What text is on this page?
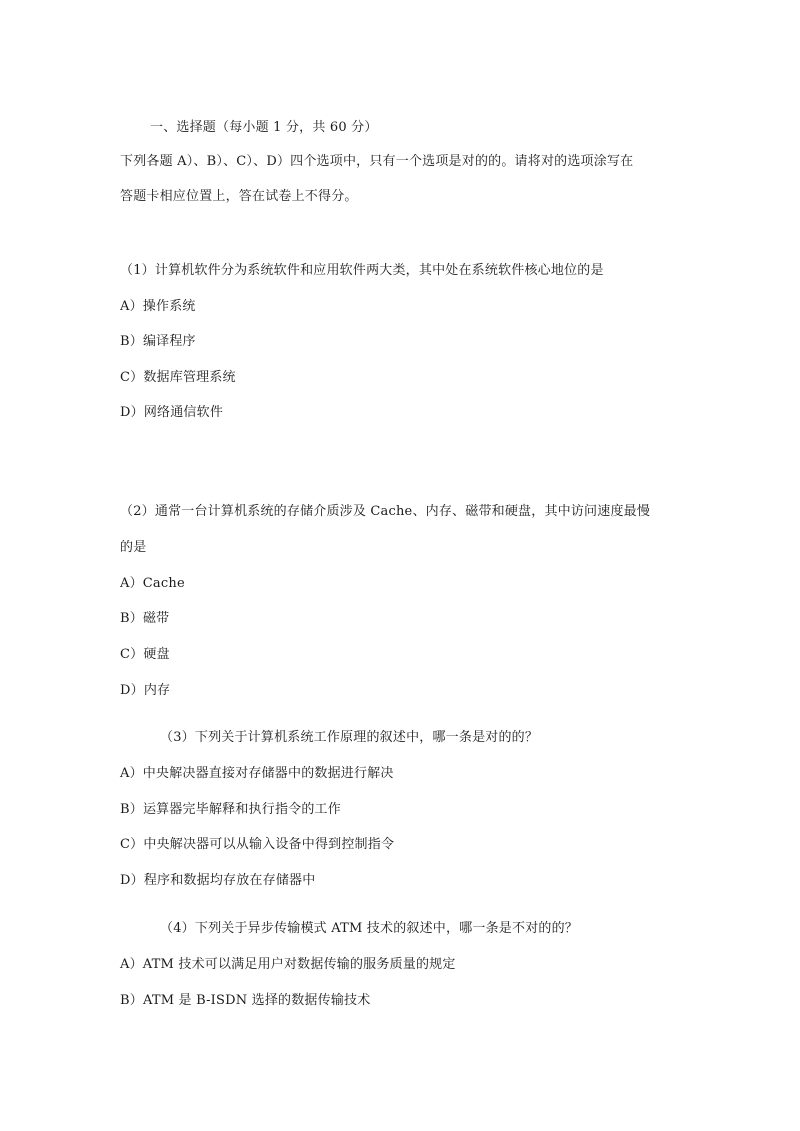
一、选择题（每小题 1 分，共 60 分）
下列各题 A）、B）、C）、D）四个选项中，只有一个选项是对的的。请将对的选项涂写在
答题卡相应位置上，答在试卷上不得分。
（1）计算机软件分为系统软件和应用软件两大类，其中处在系统软件核心地位的是
A）操作系统
B）编译程序
C）数据库管理系统
D）网络通信软件
（2）通常一台计算机系统的存储介质涉及 Cache、内存、磁带和硬盘，其中访问速度最慢
的是
A）Cache
B）磁带
C）硬盘
D）内存
（3）下列关于计算机系统工作原理的叙述中，哪一条是对的的？
A）中央解决器直接对存储器中的数据进行解决
B）运算器完毕解释和执行指令的工作
C）中央解决器可以从输入设备中得到控制指令
D）程序和数据均存放在存储器中
（4）下列关于异步传输模式 ATM 技术的叙述中，哪一条是不对的的？
A）ATM 技术可以满足用户对数据传输的服务质量的规定
B）ATM 是 B-ISDN 选择的数据传输技术
